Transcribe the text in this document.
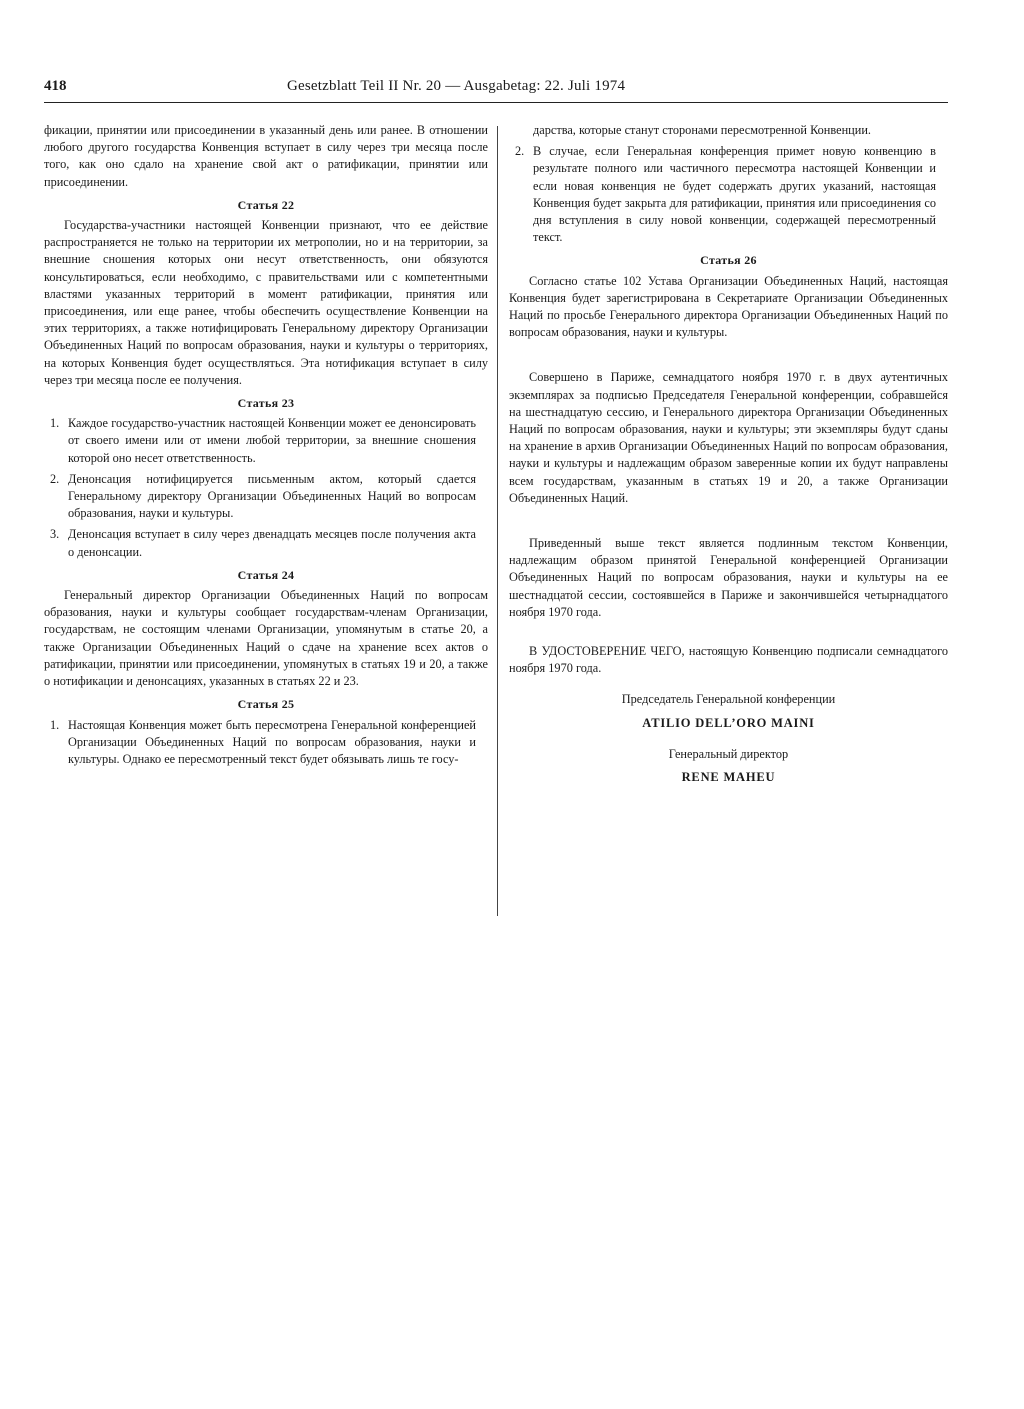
418	Gesetzblatt Teil II Nr. 20 — Ausgabetag: 22. Juli 1974

фикации, принятии или присоединении в указанный день или ранее. В отношении любого другого государства Конвенция вступает в силу через три месяца после того, как оно сдало на хранение свой акт о ратификации, принятии или присоединении.

Статья 22

Государства-участники настоящей Конвенции признают, что ее действие распространяется не только на территории их метрополии, но и на территории, за внешние сношения которых они несут ответственность, они обязуются консультироваться, если необходимо, с правительствами или с компетентными властями указанных территорий в момент ратификации, принятия или присоединения, или еще ранее, чтобы обеспечить осуществление Конвенции на этих территориях, а также нотифицировать Генеральному директору Организации Объединенных Наций по вопросам образования, науки и культуры о территориях, на которых Конвенция будет осуществляться. Эта нотификация вступает в силу через три месяца после ее получения.

Статья 23
1. Каждое государство-участник настоящей Конвенции может ее денонсировать от своего имени или от имени любой территории, за внешние сношения которой оно несет ответственность.
2. Денонсация нотифицируется письменным актом, который сдается Генеральному директору Организации Объединенных Наций во вопросам образования, науки и культуры.
3. Денонсация вступает в силу через двенадцать месяцев после получения акта о денонсации.
Статья 24

Генеральный директор Организации Объединенных Наций по вопросам образования, науки и культуры сообщает государствам-членам Организации, государствам, не состоящим членами Организации, упомянутым в статье 20, а также Организации Объединенных Наций о сдаче на хранение всех актов о ратификации, принятии или присоединении, упомянутых в статьях 19 и 20, а также о нотификации и денонсациях, указанных в статьях 22 и 23.

Статья 25
1. Настоящая Конвенция может быть пересмотрена Генеральной конференцией Организации Объединенных Наций по вопросам образования, науки и культуры. Однако ее пересмотренный текст будет обязывать лишь те госу-

дарства, которые станут сторонами пересмотренной Конвенции.

2. В случае, если Генеральная конференция примет новую конвенцию в результате полного или частичного пересмотра настоящей Конвенции и если новая конвенция не будет содержать других указаний, настоящая Конвенция будет закрыта для ратификации, принятия или присоединения со дня вступления в силу новой конвенции, содержащей пересмотренный текст.
Статья 26

Согласно статье 102 Устава Организации Объединенных Наций, настоящая Конвенция будет зарегистрирована в Секретариате Организации Объединенных Наций по просьбе Генерального директора Организации Объединенных Наций по вопросам образования, науки и культуры.

Совершено в Париже, семнадцатого ноября 1970 г. в двух аутентичных экземплярах за подписью Председателя Генеральной конференции, собравшейся на шестнадцатую сессию, и Генерального директора Организации Объединенных Наций по вопросам образования, науки и культуры; эти экземпляры будут сданы на хранение в архив Организации Объединенных Наций по вопросам образования, науки и культуры и надлежащим образом заверенные копии их будут направлены всем государствам, указанным в статьях 19 и 20, а также Организации Объединенных Наций.

Приведенный выше текст является подлинным текстом Конвенции, надлежащим образом принятой Генеральной конференцией Организации Объединенных Наций по вопросам образования, науки и культуры на ее шестнадцатой сессии, состоявшейся в Париже и закончившейся четырнадцатого ноября 1970 года.

В УДОСТОВЕРЕНИЕ ЧЕГО, настоящую Конвенцию подписали семнадцатого ноября 1970 года.

Председатель Генеральной конференции
ATILIO DELL’ORO MAINI
Генеральный директор
RENE MAHEU
